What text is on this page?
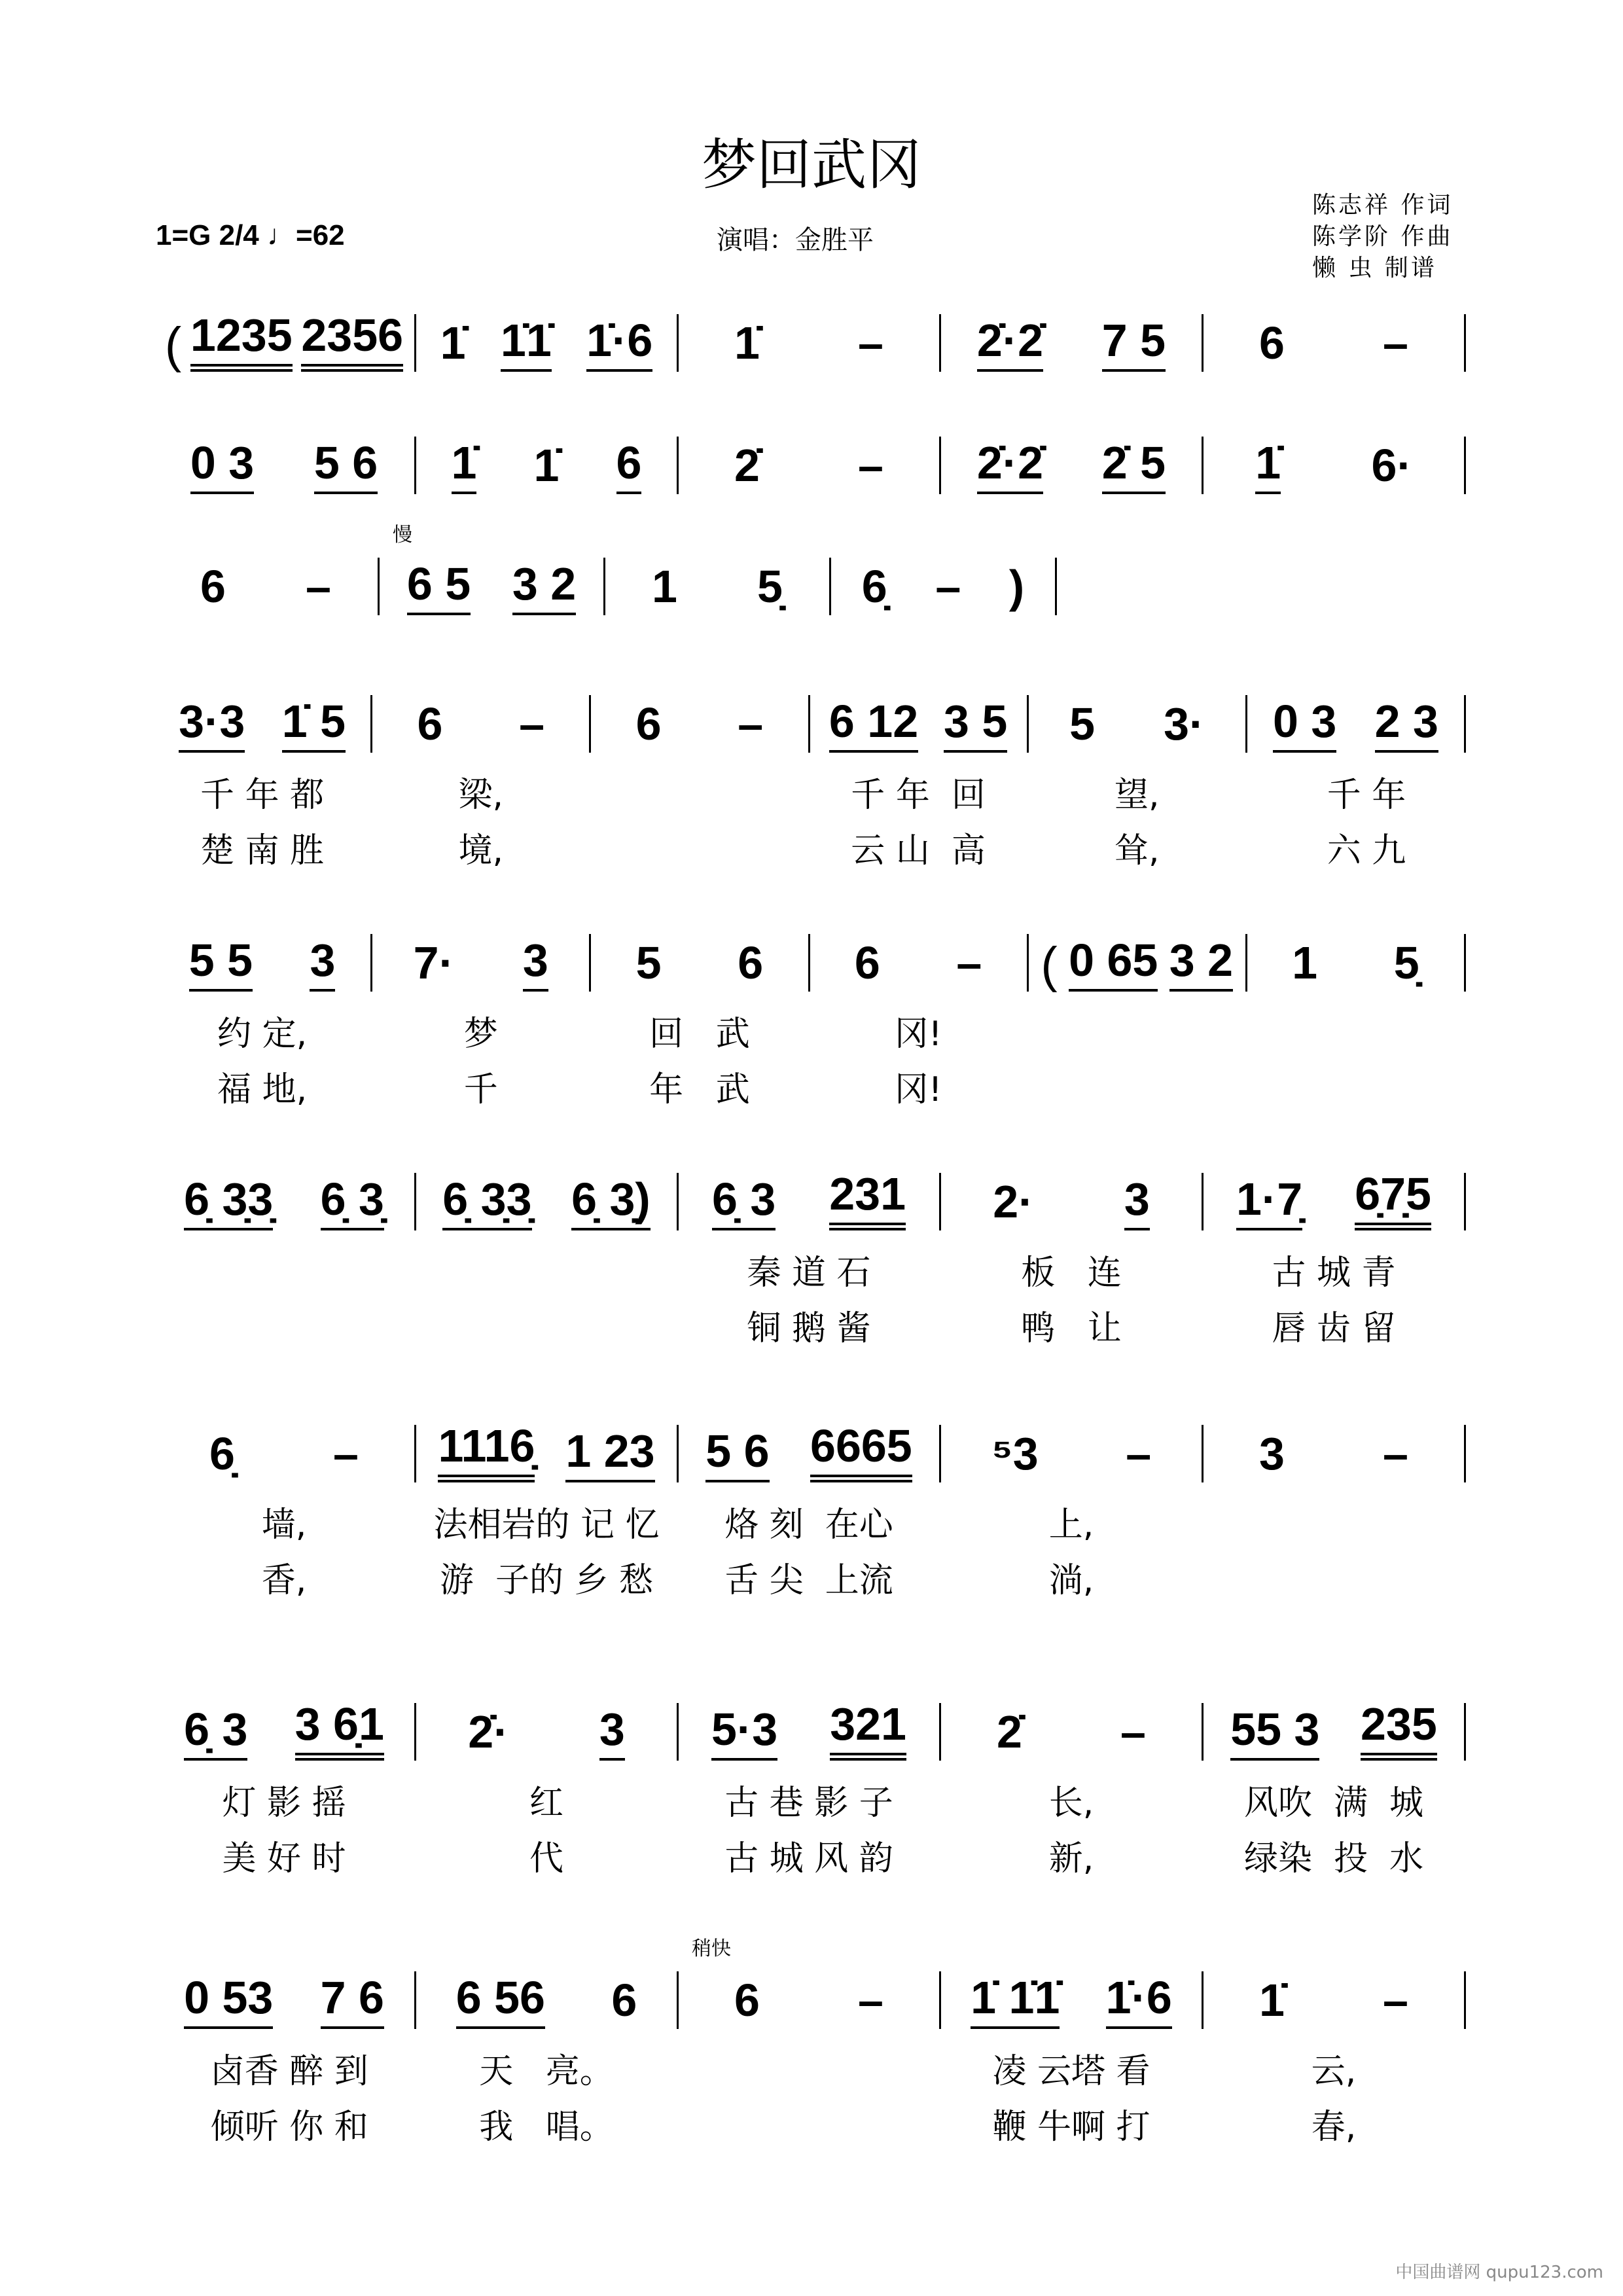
梦回武冈
1=G 2/4 ♩=62	演唱：金胜平
陈志祥 作词
陈学阶 作曲
懒 虫 制谱
( 1235 2356 1̇ 1̇1̇ 1̇·6 1̇ – 2̇·2̇ 7 5 6 –
0 3 5 6 1̇ 1̇ 6 2̇ – 2̇·2̇ 2̇ 5 1̇ 6·
6 –
慢
6 5 3 2 1 5̣ 6̣ – )
3·3 1̇ 5
千 年 都
楚 南 胜
6 –
梁,
境,
6 – 6 12 3 5
千 年  回
云 山  高
5 3·
望,
耸,
0 3 2 3
千 年
六 九
5 5 3
约 定,
福 地,
7· 3
梦
千
5 6
回   武
年   武
6 –
冈!
冈!
( 0 65 3 2 1 5̣
6̣ 3̣3̣ 6̣ 3̣ 6̣ 3̣3̣ 6̣ 3̣) 6̣ 3 231
秦 道 石
铜 鹅 酱
2· 3
板   连
鸭   让
1·7̣ 6̣7̣5
古 城 青
唇 齿 留
6̣ –
墙,
香,
1116̣ 1 23
法相岩的 记 忆
游  子的 乡 愁
5 6 6665
烙 刻  在心
舌 尖  上流
⁵3 –
上,
淌,
3 –
6̣ 3 3 6̣1
灯 影 摇
美 好 时
2̇· 3
红
代
5·3 321
古 巷 影 子
古 城 风 韵
2̇ –
长,
新,
55 3 235
风吹  满  城
绿染  投  水
0 53 7 6
卤香 醉 到
倾听 你 和
6 56 6
天   亮。
我   唱。
稍快
6 – 1̇ 1̇1̇ 1̇·6
凌 云塔 看
鞭 牛啊 打
1̇ –
云,
春,
中国曲谱网 qupu123.com
